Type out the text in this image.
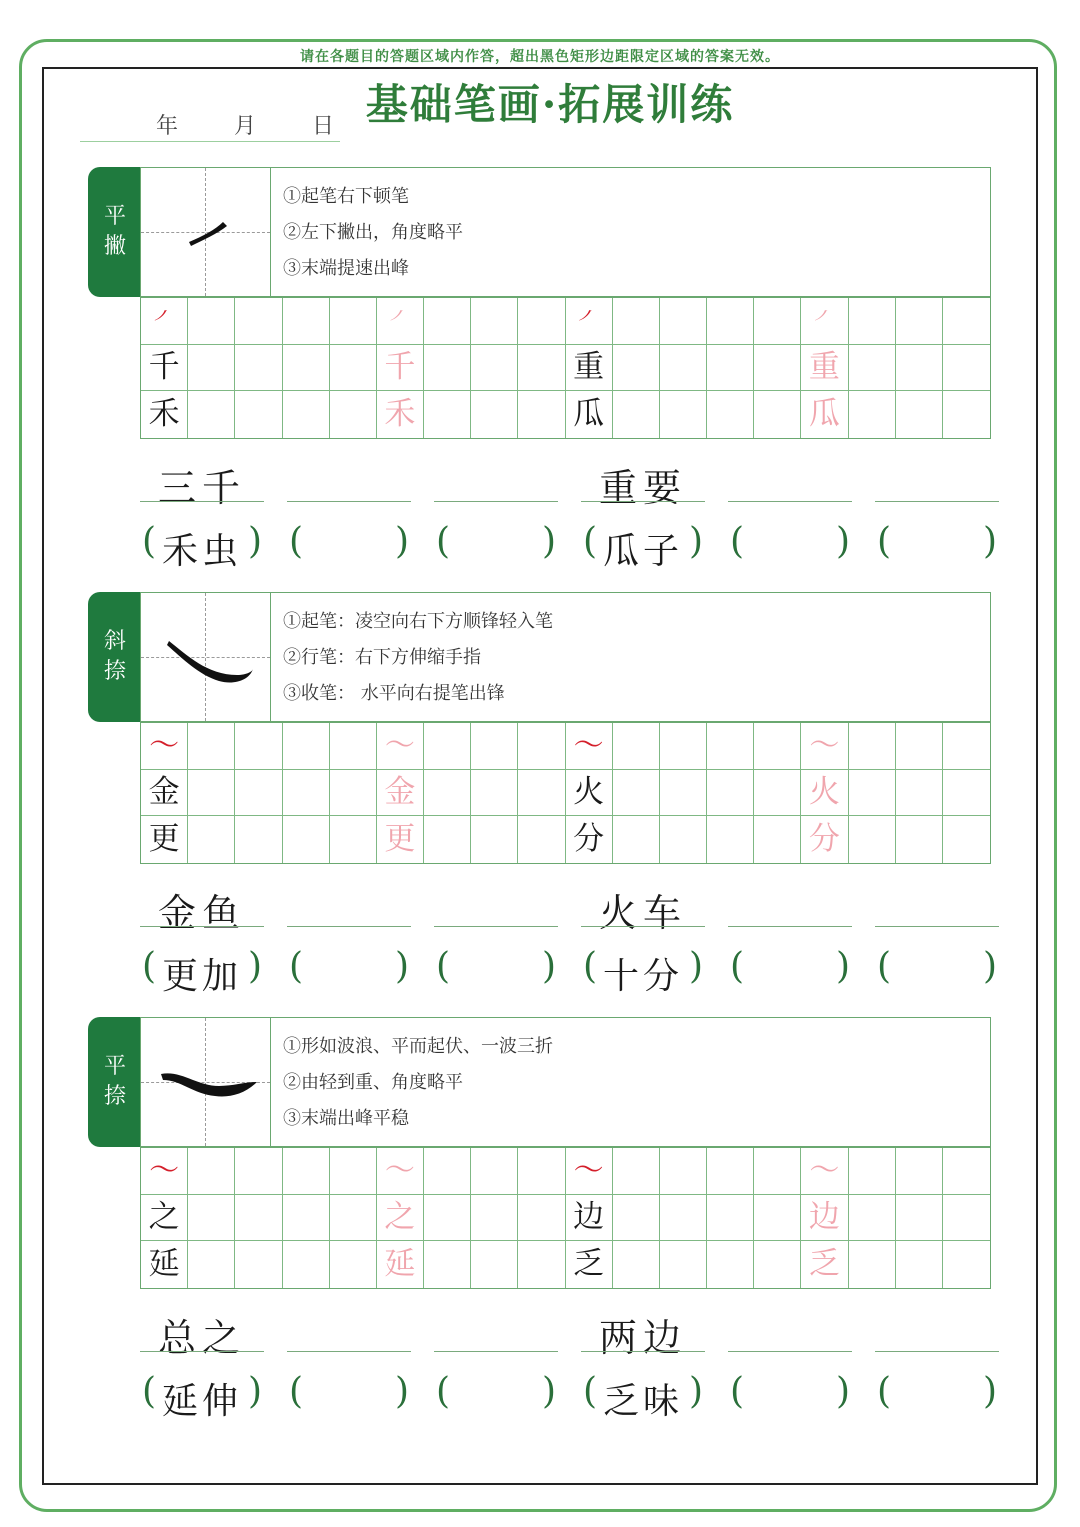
请在各题目的答题区域内作答，超出黑色矩形边距限定区域的答案无效。
基础笔画·拓展训练
年	月	日
平
撇
①起笔右下顿笔
②左下撇出，角度略平
③末端提速出峰
㇒	㇒	㇒	㇒
千	千	重	重
禾	禾	瓜	瓜
三千
( 禾虫 ) (	) (	)
重要
( 瓜子 ) (	) (	)
斜
捺
①起笔：凌空向右下方顺锋轻入笔
②行笔：右下方伸缩手指
③收笔： 水平向右提笔出锋
〜	〜	〜	〜
金	金	火	火
更	更	分	分
金鱼
( 更加 ) (	) (	)
火车
( 十分 ) (	) (	)
平
捺
①形如波浪、平而起伏、一波三折
②由轻到重、角度略平
③末端出峰平稳
〜	〜	〜	〜
之	之	边	边
延	延	乏	乏
总之
( 延伸 ) (	) (	)
两边
( 乏味 ) (	) (	)
